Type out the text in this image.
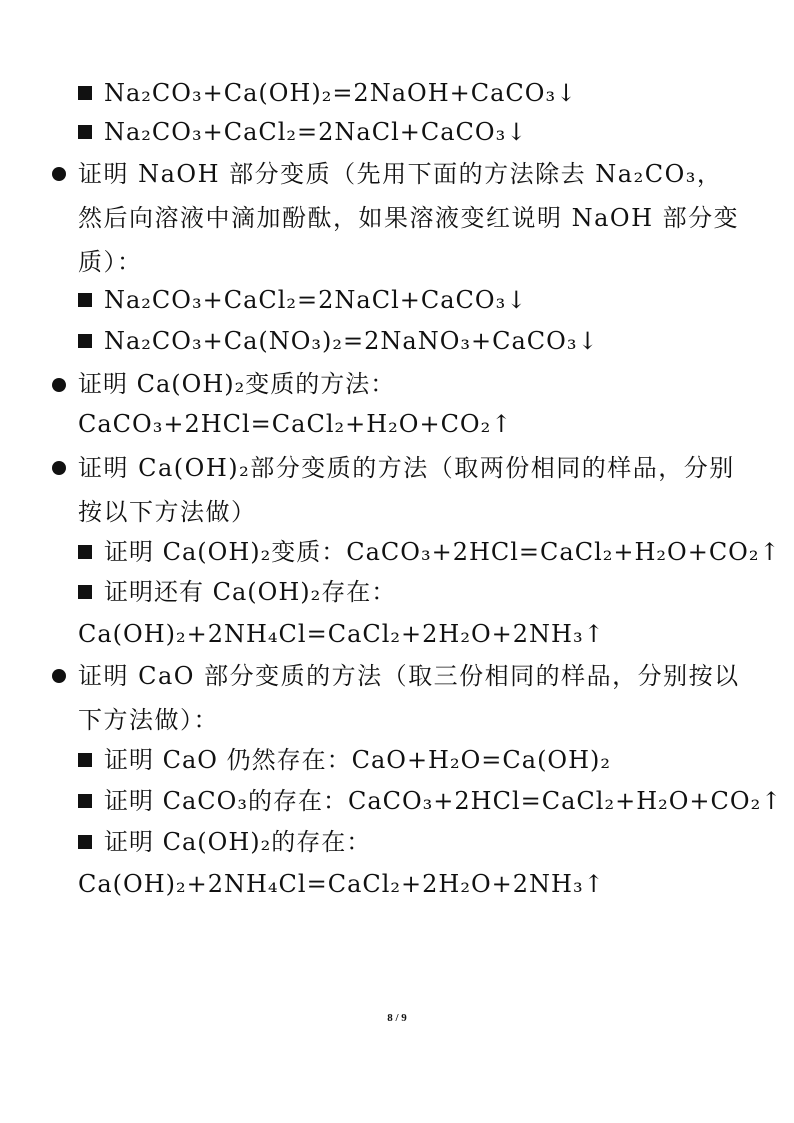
Na₂CO₃+Ca(OH)₂=2NaOH+CaCO₃↓
Na₂CO₃+CaCl₂=2NaCl+CaCO₃↓
证明 NaOH 部分变质（先用下面的方法除去 Na₂CO₃，然后向溶液中滴加酚酞，如果溶液变红说明 NaOH 部分变质）：
Na₂CO₃+CaCl₂=2NaCl+CaCO₃↓
Na₂CO₃+Ca(NO₃)₂=2NaNO₃+CaCO₃↓
证明 Ca(OH)₂变质的方法：
CaCO₃+2HCl=CaCl₂+H₂O+CO₂↑
证明 Ca(OH)₂部分变质的方法（取两份相同的样品，分别按以下方法做）
证明 Ca(OH)₂变质：CaCO₃+2HCl=CaCl₂+H₂O+CO₂↑
证明还有 Ca(OH)₂存在：
Ca(OH)₂+2NH₄Cl=CaCl₂+2H₂O+2NH₃↑
证明 CaO 部分变质的方法（取三份相同的样品，分别按以下方法做）：
证明 CaO 仍然存在：CaO+H₂O=Ca(OH)₂
证明 CaCO₃的存在：CaCO₃+2HCl=CaCl₂+H₂O+CO₂↑
证明 Ca(OH)₂的存在：
Ca(OH)₂+2NH₄Cl=CaCl₂+2H₂O+2NH₃↑
8 / 9
